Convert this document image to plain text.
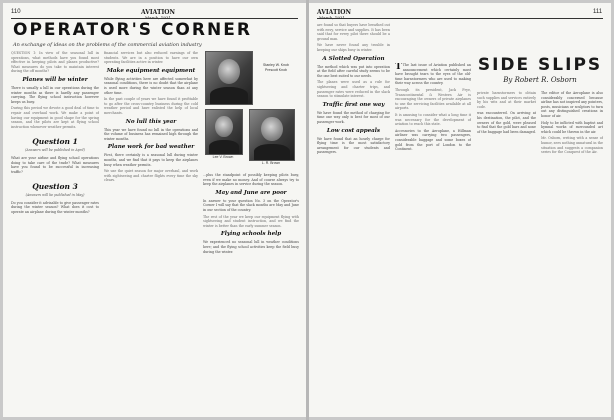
110	AVIATION
OPERATOR'S CORNER
An exchange of ideas on the problems of the commercial aviation industry

QUESTION 1: In view of the seasonal lull in operations, what methods have you found most effective in keeping pilots and planes productive? What measures do you take to maintain interest during the off months?

Planes will be winter

There is usually a lull in our operations during the winter months as there is hardly any passenger carrying. The flying school instruction however keeps us busy.

During this period we devote a good deal of time to repair and overhaul work. We make a point of having our equipment in good shape for the spring season, and the pilots are kept at flying school instruction whenever weather permits.

Question 1
(Answers will be published in April)

What are your airline and flying school operations doing to take care of the trade? What measures have you found to be successful in increasing traffic?

Question 3
(Answers will be published in May)

Do you consider it advisable to give passenger rates during the winter season? What does it cost to operate an airplane during the winter months?

financial services but also reduced earnings of the students. We are in a position to have our own operating facilities active in winter.

Make equipment equipment

While flying activities here are affected somewhat by seasonal conditions, there is no doubt that the airplane is used more during the winter season than at any other time.

In the past couple of years we have found it profitable to go after the cross-country business during the cold weather period and have enlisted the help of local merchants.

No lull this year

This year we have found no lull in the operations and the volume of business has remained high through the winter months.

Plane work for bad weather

First, there certainly is a seasonal lull during winter months, and we find that it pays to keep the airplanes busy when weather permits.

We use the quiet season for major overhaul, and work with sightseeing and charter flights every time the sky clears.

Stanley W. Knob
Prescott Knob
Lee V. Brown
L. R. Brown

...plus the standpoint of possibly keeping pilots busy, even if we make no money. And of course always try to keep the airplanes in service during the season.

May and June are poor

In answer to your question No. 3 on the Operator's Corner I will say that the slack months are May and June in our section of the country.

The rest of the year we keep our equipment flying with sightseeing and student instruction, and we find the winter is better than the early summer season.

Flying schools help

We experienced no seasonal lull in weather conditions here; and the flying school activities keep the field busy during the winter.

AVIATION	111

are found so that buyers have breathed out with envy, service and supplies. It has been said that for every pilot there should be a ground man.

We have never found any trouble in keeping our ships busy in winter.

A Slotted Operation

The method which was put into operation at the field after careful study seems to be the one best suited to our needs.

The planes were used as a rule for sightseeing and charter trips, and passenger rates were reduced in the slack season to stimulate interest.

Traffic first one way

We have found the method of charging for time one way only is best for most of our passenger work.

Low cost appeals

We have found that an hourly charge for flying time is the most satisfactory arrangement for our students and passengers.

T The last issue of Aviation published an announcement which certainly must have brought tears to the eyes of the old-time barnstormers who are used to making their way across the country.

Through its president, Jack Frye, Transcontinental & Western Air is encouraging the owners of private airplanes to use the servicing facilities available at all airports.

It is amusing to consider what a long time it was necessary for the development of aviation to reach this state.

Accessories to the Aeroplane, a Hillman airliner was carrying two passengers, considerable baggage and some boxes of gold from the port of London to the Continent.

SIDE SLIPS
By Robert R. Osborn

private barnstormers to obtain such supplies and services entirely by his wits and at their market code.

was encountered. On arriving at his destination, the pilot, and the owners of the gold, were pleased to find that the gold bars and none of the baggage had been damaged.

The editor of the Aeroplane is also considerably concerned because airline has not inspired any pointers, posts, musicians or sculptors to turn out any distinguished creations in honor of air.

Holy to be inflicted with baptist and hymnal works of surrounded art which could be thrown in the air.

Mr. Osborn, writing with a sense of humor, sees nothing unnatural in the situation and suggests a companion series for the Conquest of the Air.
